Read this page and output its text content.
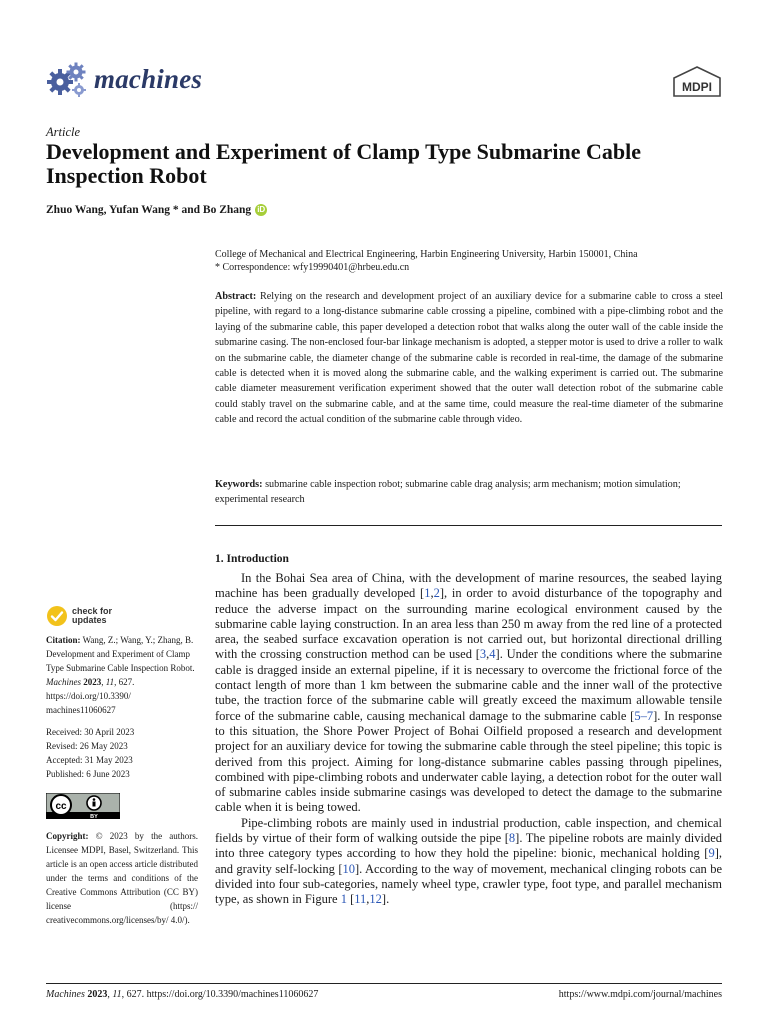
machines	MDPI
Article
Development and Experiment of Clamp Type Submarine Cable Inspection Robot
Zhuo Wang, Yufan Wang * and Bo Zhang iD
College of Mechanical and Electrical Engineering, Harbin Engineering University, Harbin 150001, China
* Correspondence: wfy19990401@hrbeu.edu.cn
Abstract: Relying on the research and development project of an auxiliary device for a submarine cable to cross a steel pipeline, with regard to a long-distance submarine cable crossing a pipeline, combined with a pipe-climbing robot and the laying of the submarine cable, this paper developed a detection robot that walks along the outer wall of the cable inside the submarine casing. The non-enclosed four-bar linkage mechanism is adopted, a stepper motor is used to drive a roller to walk on the submarine cable, the diameter change of the submarine cable is recorded in real-time, the damage of the submarine cable is detected when it is moved along the submarine cable, and the walking experiment is carried out. The submarine cable diameter measurement verification experiment showed that the outer wall detection robot of the submarine cable could stably travel on the submarine cable, and at the same time, could measure the real-time diameter of the submarine cable and record the actual condition of the submarine cable through video.
Keywords: submarine cable inspection robot; submarine cable drag analysis; arm mechanism; motion simulation; experimental research
1. Introduction

In the Bohai Sea area of China, with the development of marine resources, the seabed laying machine has been gradually developed [1,2], in order to avoid disturbance of the topography and reduce the adverse impact on the surrounding marine ecological environment caused by the submarine cable laying construction. In an area less than 250 m away from the red line of a protected area, the seabed surface excavation operation is not carried out, but horizontal directional drilling with the crossing construction method can be used [3,4]. Under the conditions where the submarine cable is dragged inside an external pipeline, if it is necessary to overcome the frictional force of the contact length of more than 1 km between the submarine cable and the inner wall of the protective tube, the traction force of the submarine cable will greatly exceed the maximum allowable tensile force of the submarine cable, causing mechanical damage to the submarine cable [5–7]. In response to this situation, the Shore Power Project of Bohai Oilfield proposed a research and development project for an auxiliary device for towing the submarine cable through the steel pipeline; this topic is derived from this project. Aiming for long-distance submarine cables passing through pipelines, combined with pipe-climbing robots and underwater cable laying, a detection robot for the outer wall of submarine cables inside submarine casings was developed to detect the damage to the submarine cable when it is being towed.

Pipe-climbing robots are mainly used in industrial production, cable inspection, and chemical fields by virtue of their form of walking outside the pipe [8]. The pipeline robots are mainly divided into three category types according to how they hold the pipeline: bionic, mechanical holding [9], and gravity self-locking [10]. According to the way of movement, mechanical clinging robots can be divided into four sub-categories, namely wheel type, crawler type, foot type, and parallel mechanism type, as shown in Figure 1 [11,12].

check for
updates
Citation: Wang, Z.; Wang, Y.; Zhang, B. Development and Experiment of Clamp Type Submarine Cable Inspection Robot. Machines 2023, 11, 627. https://doi.org/10.3390/ machines11060627
Received: 30 April 2023
Revised: 26 May 2023
Accepted: 31 May 2023
Published: 6 June 2023
cc
BY
Copyright: © 2023 by the authors. Licensee MDPI, Basel, Switzerland. This article is an open access article distributed under the terms and conditions of the Creative Commons Attribution (CC BY) license (https:// creativecommons.org/licenses/by/ 4.0/).
Machines 2023, 11, 627. https://doi.org/10.3390/machines11060627	https://www.mdpi.com/journal/machines
